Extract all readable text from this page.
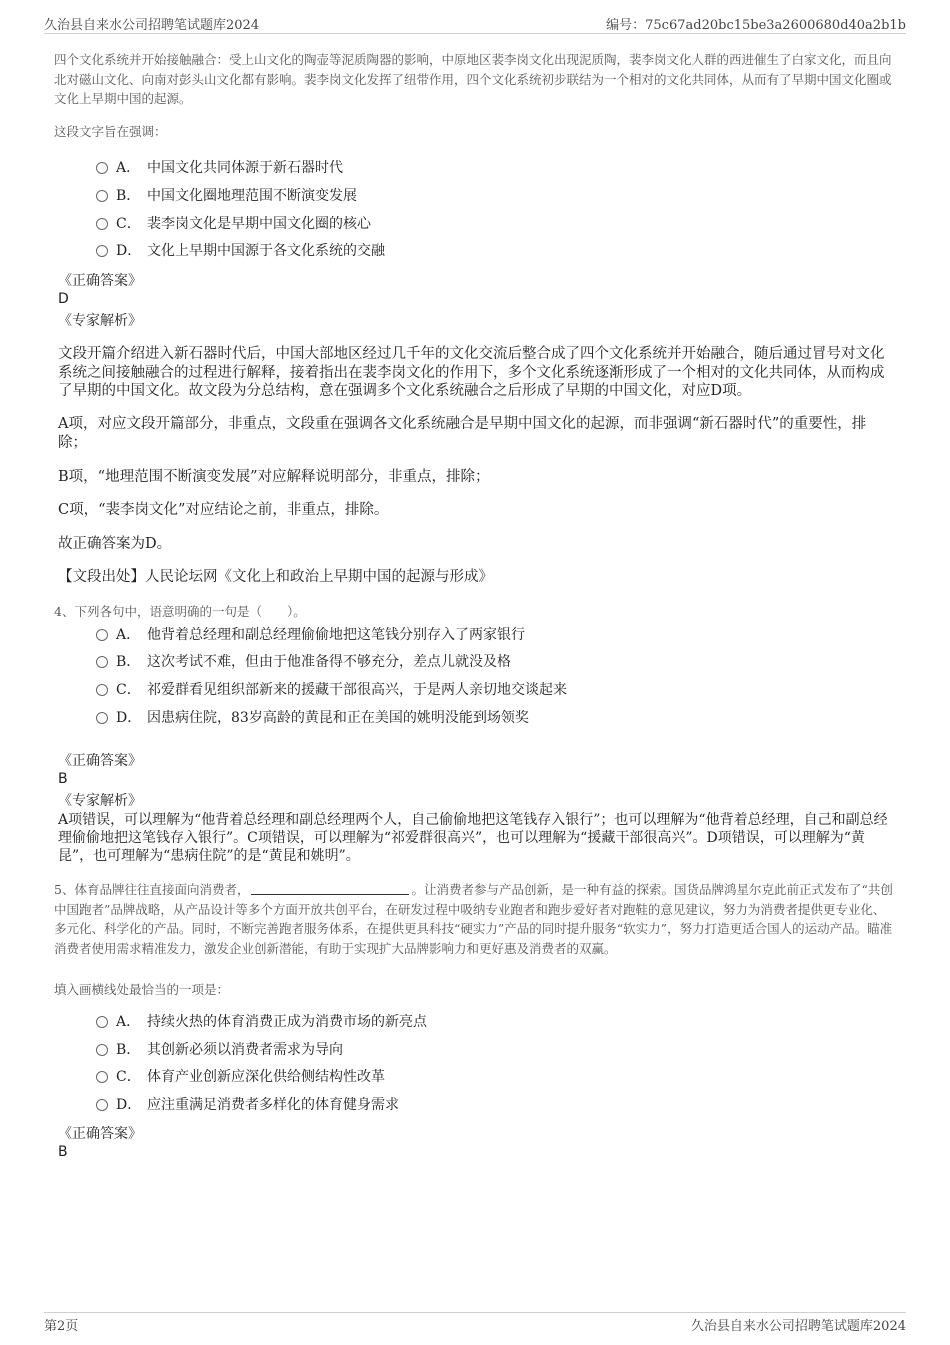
久治县自来水公司招聘笔试题库2024	编号：75c67ad20bc15be3a2600680d40a2b1b
四个文化系统并开始接触融合：受上山文化的陶壶等泥质陶器的影响，中原地区裴李岗文化出现泥质陶，裴李岗文化人群的西进催生了白家文化，而且向北对磁山文化、向南对彭头山文化都有影响。裴李岗文化发挥了纽带作用，四个文化系统初步联结为一个相对的文化共同体，从而有了早期中国文化圈或文化上早期中国的起源。
这段文字旨在强调：
A． 中国文化共同体源于新石器时代
B． 中国文化圈地理范围不断演变发展
C． 裴李岗文化是早期中国文化圈的核心
D． 文化上早期中国源于各文化系统的交融
《正确答案》
D
《专家解析》
文段开篇介绍进入新石器时代后，中国大部地区经过几千年的文化交流后整合成了四个文化系统并开始融合，随后通过冒号对文化系统之间接触融合的过程进行解释，接着指出在裴李岗文化的作用下，多个文化系统逐渐形成了一个相对的文化共同体，从而构成了早期的中国文化。故文段为分总结构，意在强调多个文化系统融合之后形成了早期的中国文化，对应D项。
A项，对应文段开篇部分，非重点，文段重在强调各文化系统融合是早期中国文化的起源，而非强调“新石器时代”的重要性，排除；
B项，“地理范围不断演变发展”对应解释说明部分，非重点，排除；
C项，“裴李岗文化”对应结论之前，非重点，排除。
故正确答案为D。
【文段出处】人民论坛网《文化上和政治上早期中国的起源与形成》
4、下列各句中，语意明确的一句是（　　）。
A． 他背着总经理和副总经理偷偷地把这笔钱分别存入了两家银行
B． 这次考试不难，但由于他准备得不够充分，差点儿就没及格
C． 祁爱群看见组织部新来的援藏干部很高兴，于是两人亲切地交谈起来
D． 因患病住院，83岁高龄的黄昆和正在美国的姚明没能到场领奖
《正确答案》
B
《专家解析》
A项错误，可以理解为“他背着总经理和副总经理两个人，自己偷偷地把这笔钱存入银行”；也可以理解为“他背着总经理，自己和副总经理偷偷地把这笔钱存入银行”。C项错误，可以理解为“祁爱群很高兴”，也可以理解为“援藏干部很高兴”。D项错误，可以理解为“黄昆”，也可理解为“患病住院”的是“黄昆和姚明”。
5、体育品牌往往直接面向消费者，	。让消费者参与产品创新，是一种有益的探索。国货品牌鸿星尔克此前正式发布了“共创中国跑者”品牌战略，从产品设计等多个方面开放共创平台，在研发过程中吸纳专业跑者和跑步爱好者对跑鞋的意见建议，努力为消费者提供更专业化、多元化、科学化的产品。同时，不断完善跑者服务体系，在提供更具科技“硬实力”产品的同时提升服务“软实力”，努力打造更适合国人的运动产品。瞄准消费者使用需求精准发力，激发企业创新潜能，有助于实现扩大品牌影响力和更好惠及消费者的双赢。
填入画横线处最恰当的一项是：
A． 持续火热的体育消费正成为消费市场的新亮点
B． 其创新必须以消费者需求为导向
C． 体育产业创新应深化供给侧结构性改革
D． 应注重满足消费者多样化的体育健身需求
《正确答案》
B
第2页	久治县自来水公司招聘笔试题库2024
